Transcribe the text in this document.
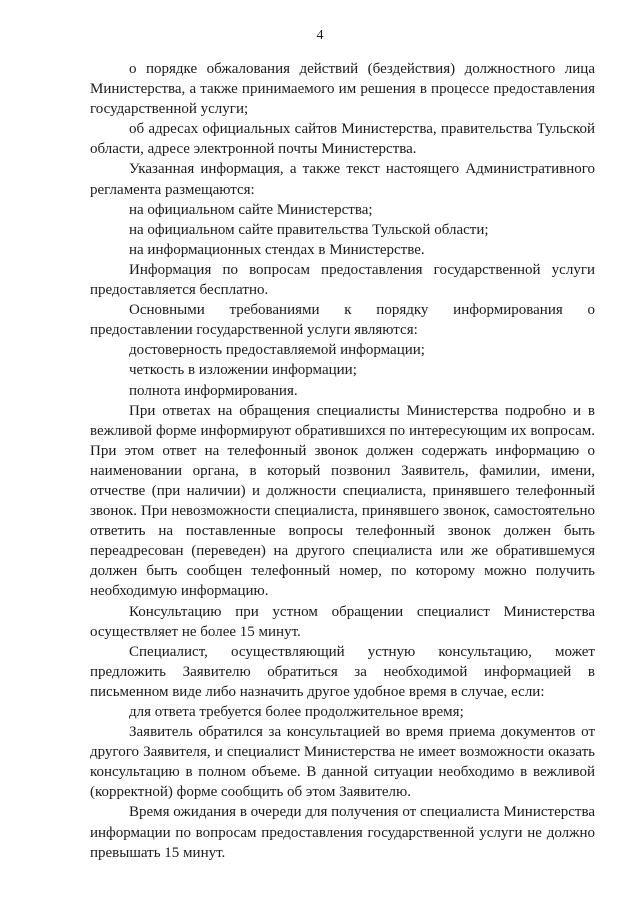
4

о порядке обжалования действий (бездействия) должностного лица Министерства, а также принимаемого им решения в процессе предоставления государственной услуги;

об адресах официальных сайтов Министерства, правительства Тульской области, адресе электронной почты Министерства.

Указанная информация, а также текст настоящего Административного регламента размещаются:

на официальном сайте Министерства;

на официальном сайте правительства Тульской области;

на информационных стендах в Министерстве.

Информация по вопросам предоставления государственной услуги предоставляется бесплатно.

Основными требованиями к порядку информирования о предоставлении государственной услуги являются:

достоверность предоставляемой информации;

четкость в изложении информации;

полнота информирования.

При ответах на обращения специалисты Министерства подробно и в вежливой форме информируют обратившихся по интересующим их вопросам. При этом ответ на телефонный звонок должен содержать информацию о наименовании органа, в который позвонил Заявитель, фамилии, имени, отчестве (при наличии) и должности специалиста, принявшего телефонный звонок. При невозможности специалиста, принявшего звонок, самостоятельно ответить на поставленные вопросы телефонный звонок должен быть переадресован (переведен) на другого специалиста или же обратившемуся должен быть сообщен телефонный номер, по которому можно получить необходимую информацию.

Консультацию при устном обращении специалист Министерства осуществляет не более 15 минут.

Специалист, осуществляющий устную консультацию, может предложить Заявителю обратиться за необходимой информацией в письменном виде либо назначить другое удобное время в случае, если:

для ответа требуется более продолжительное время;

Заявитель обратился за консультацией во время приема документов от другого Заявителя, и специалист Министерства не имеет возможности оказать консультацию в полном объеме. В данной ситуации необходимо в вежливой (корректной) форме сообщить об этом Заявителю.

Время ожидания в очереди для получения от специалиста Министерства информации по вопросам предоставления государственной услуги не должно превышать 15 минут.
